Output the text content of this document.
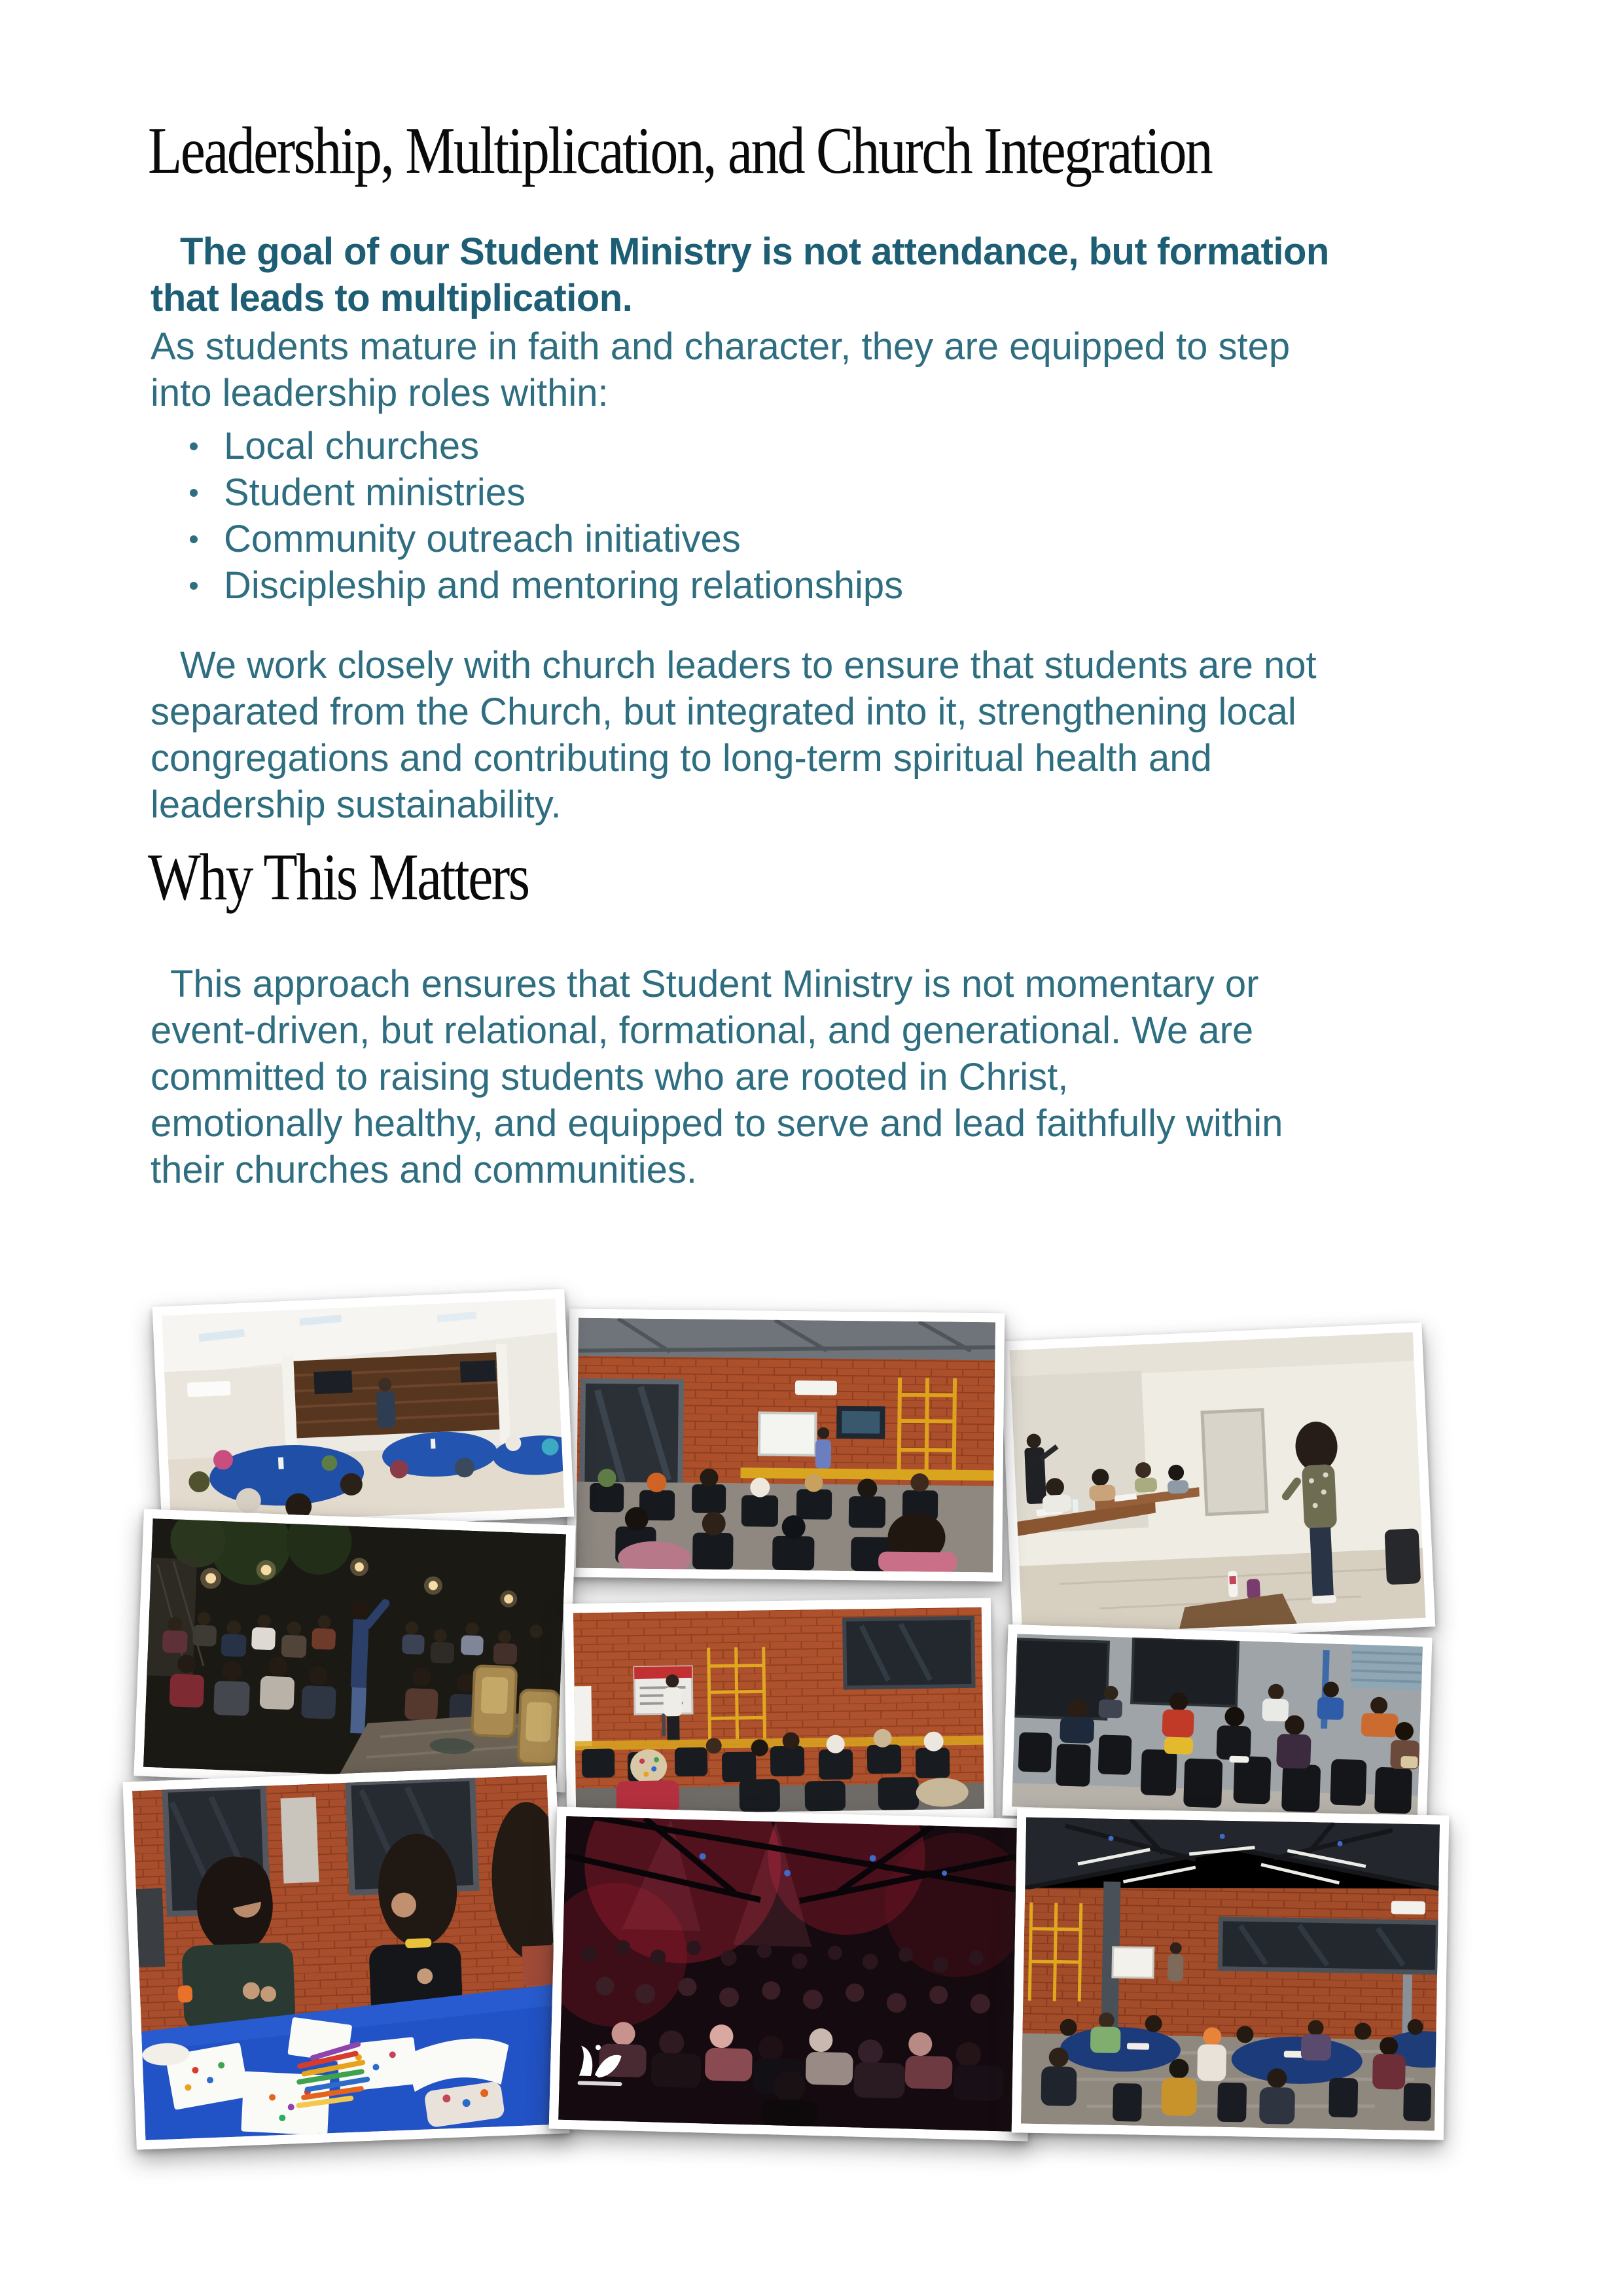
Leadership, Multiplication, and Church Integration
The goal of our Student Ministry is not attendance, but formation
that leads to multiplication.
As students mature in faith and character, they are equipped to step
into leadership roles within:
Local churches
Student ministries
Community outreach initiatives
Discipleship and mentoring relationships
We work closely with church leaders to ensure that students are not
separated from the Church, but integrated into it, strengthening local
congregations and contributing to long-term spiritual health and
leadership sustainability.
Why This Matters
This approach ensures that Student Ministry is not momentary or
event-driven, but relational, formational, and generational. We are
committed to raising students who are rooted in Christ,
emotionally healthy, and equipped to serve and lead faithfully within
their churches and communities.
